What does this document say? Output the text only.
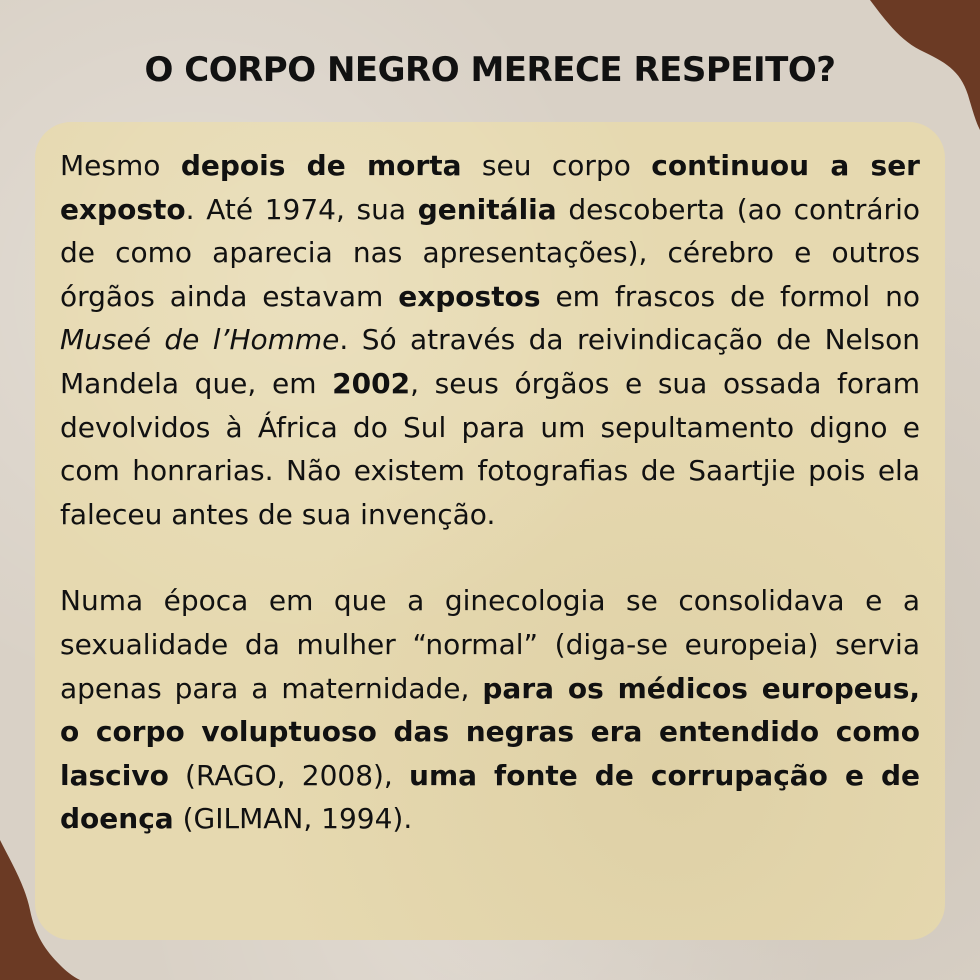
O CORPO NEGRO MERECE RESPEITO?

Mesmo depois de morta seu corpo continuou a ser exposto. Até 1974, sua genitália descoberta (ao contrário de como aparecia nas apresentações), cérebro e outros órgãos ainda estavam expostos em frascos de formol no Museé de l’Homme. Só através da reivindicação de Nelson Mandela que, em 2002, seus órgãos e sua ossada foram devolvidos à África do Sul para um sepultamento digno e com honrarias. Não existem fotografias de Saartjie pois ela faleceu antes de sua invenção.

Numa época em que a ginecologia se consolidava e a sexualidade da mulher “normal” (diga-se europeia) servia apenas para a maternidade, para os médicos europeus, o corpo voluptuoso das negras era entendido como lascivo (RAGO, 2008), uma fonte de corrupação e de doença (GILMAN, 1994).
